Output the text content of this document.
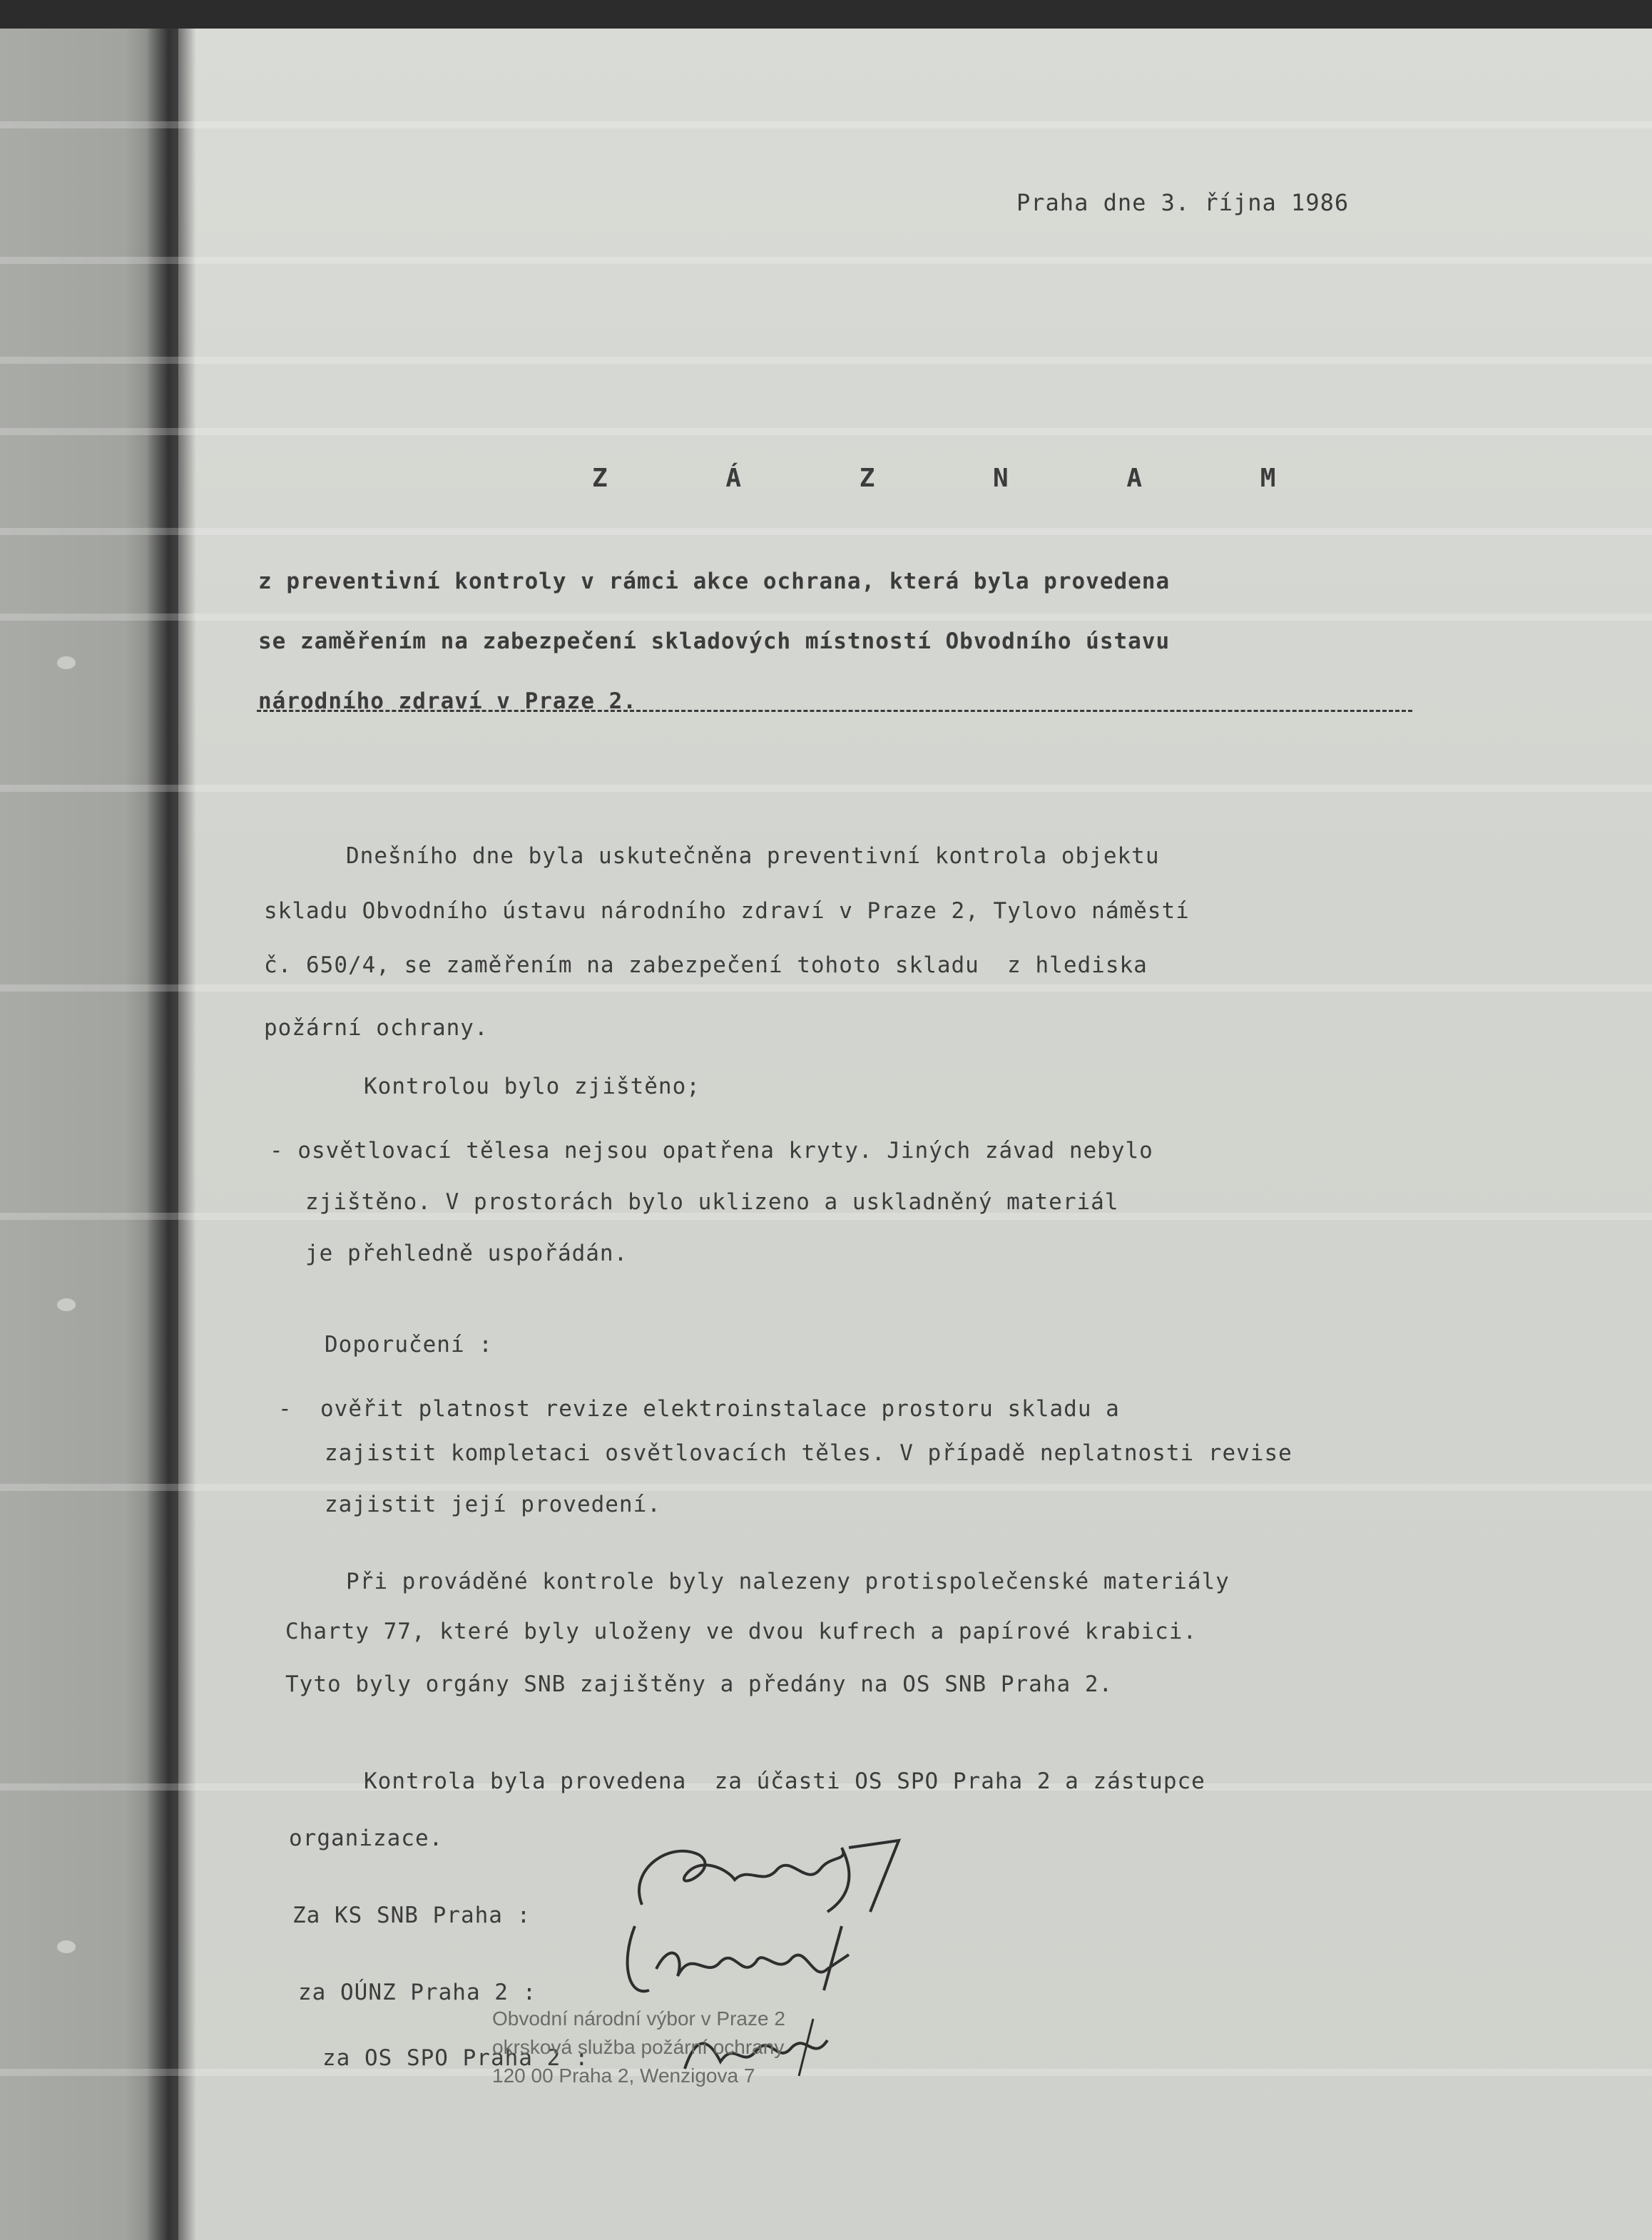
Praha dne 3. října 1986
Z Á Z N A M
z preventivní kontroly v rámci akce ochrana, která byla provedena
se zaměřením na zabezpečení skladových místností Obvodního ústavu
národního zdraví v Praze 2.
Dnešního dne byla uskutečněna preventivní kontrola objektu
skladu Obvodního ústavu národního zdraví v Praze 2, Tylovo náměstí
č. 650/4, se zaměřením na zabezpečení tohoto skladu  z hlediska
požární ochrany.
Kontrolou bylo zjištěno;
- osvětlovací tělesa nejsou opatřena kryty. Jiných závad nebylo
zjištěno. V prostorách bylo uklizeno a uskladněný materiál
je přehledně uspořádán.
Doporučení :
-  ověřit platnost revize elektroinstalace prostoru skladu a
zajistit kompletaci osvětlovacích těles. V případě neplatnosti revise
zajistit její provedení.
Při prováděné kontrole byly nalezeny protispolečenské materiály
Charty 77, které byly uloženy ve dvou kufrech a papírové krabici.
Tyto byly orgány SNB zajištěny a předány na OS SNB Praha 2.
Kontrola byla provedena  za účasti OS SPO Praha 2 a zástupce
organizace.
Za KS SNB Praha :
za OÚNZ Praha 2 :
za OS SPO Praha 2 :
Obvodní národní výbor v Praze 2
okrsková služba požární ochrany
120 00 Praha 2, Wenzigova 7
